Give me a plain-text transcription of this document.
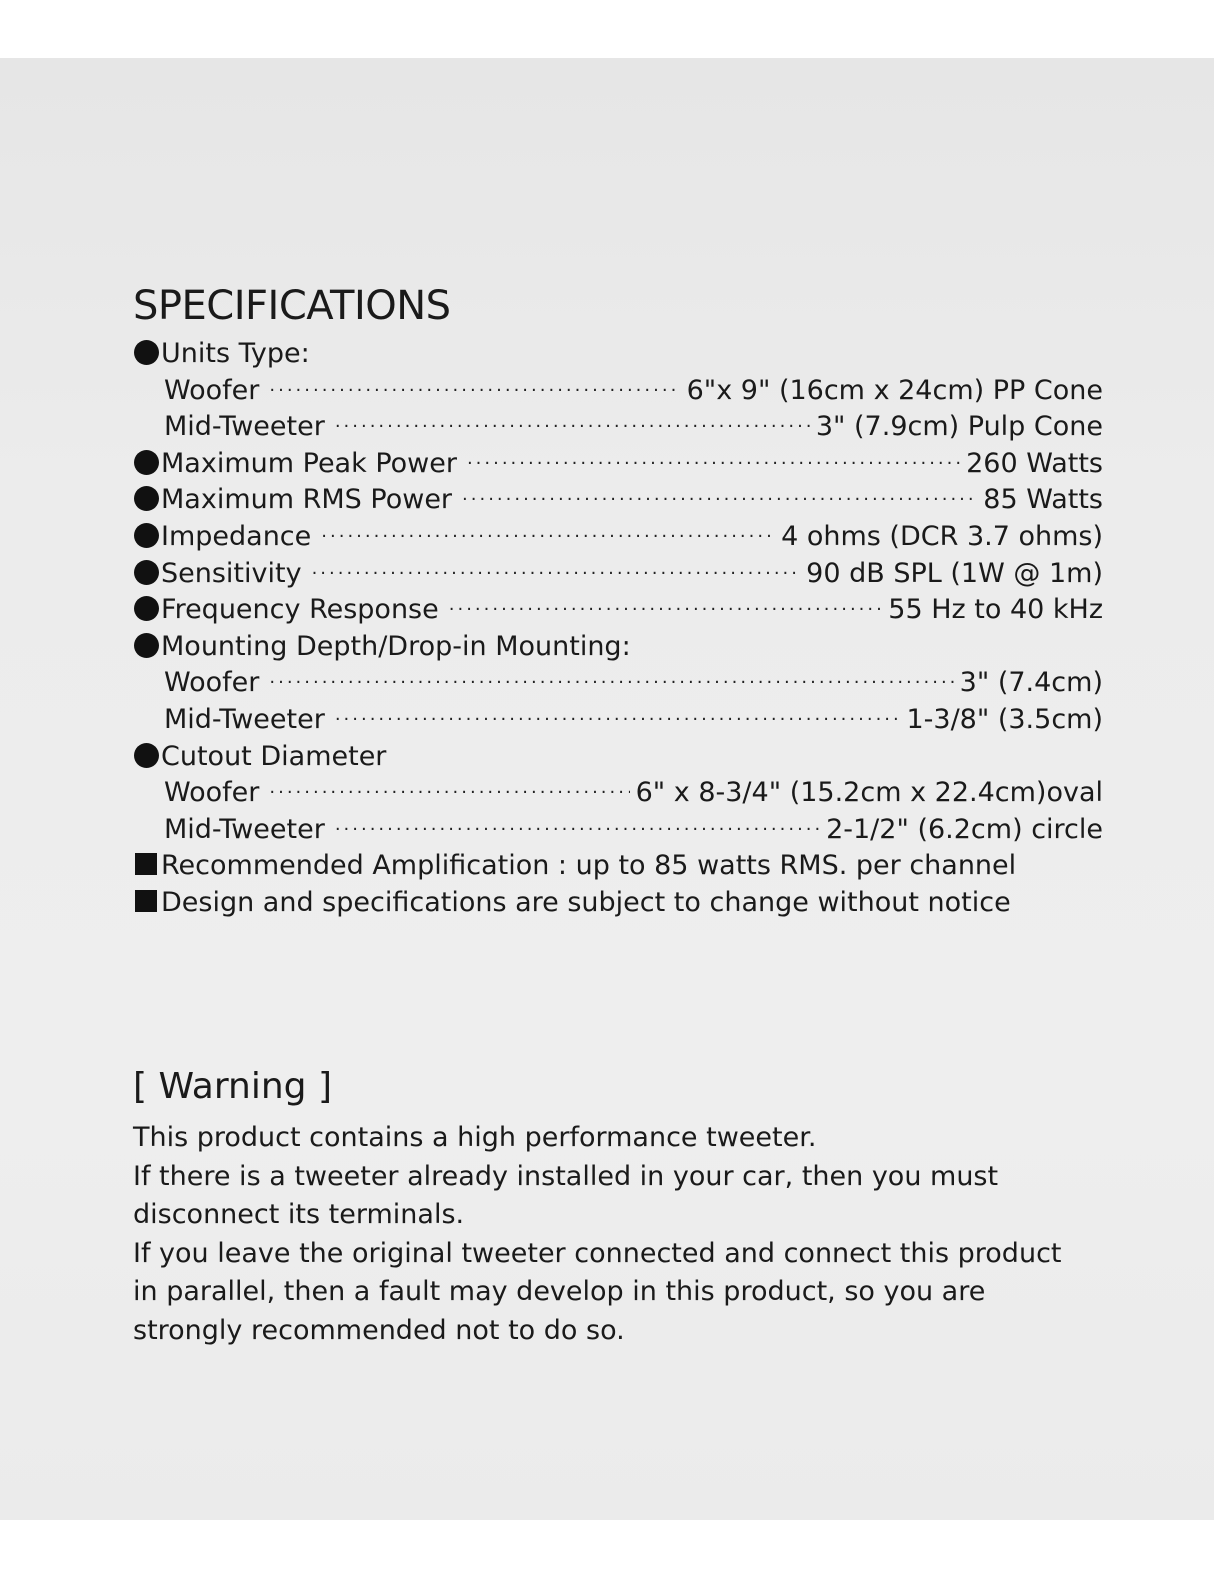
SPECIFICATIONS
Units Type:
Woofer ·····	6"x 9" (16cm x 24cm) PP Cone
Mid-Tweeter ·····	3" (7.9cm) Pulp Cone
Maximum Peak Power ·····	260 Watts
Maximum RMS Power ·····	85 Watts
Impedance ·····	4 ohms (DCR 3.7 ohms)
Sensitivity ·····	90 dB SPL (1W @ 1m)
Frequency Response ·····	55 Hz to 40 kHz
Mounting Depth/Drop-in Mounting:
Woofer ·····	3" (7.4cm)
Mid-Tweeter ·····	1-3/8" (3.5cm)
Cutout Diameter
Woofer ·····	6" x 8-3/4" (15.2cm x 22.4cm)oval
Mid-Tweeter ·····	2-1/2" (6.2cm) circle
Recommended Amplification : up to 85 watts RMS. per channel
Design and specifications are subject to change without notice
[ Warning ]

This product contains a high performance tweeter.

If there is a tweeter already installed in your car, then you must

disconnect its terminals.

If you leave the original tweeter connected and connect this product

in parallel, then a fault may develop in this product, so you are

strongly recommended not to do so.
